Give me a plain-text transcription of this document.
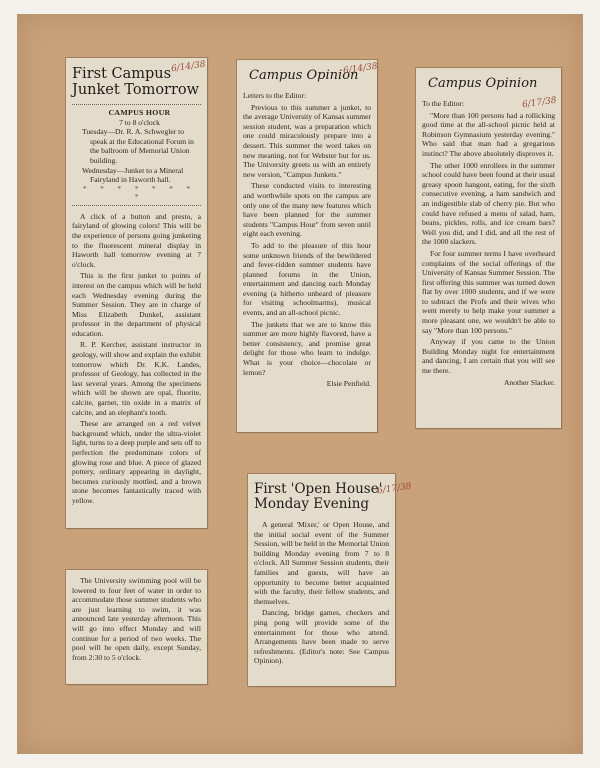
First Campus Junket Tomorrow
CAMPUS HOUR
7 to 8 o'clock
Tuesday—Dr. R. A. Schwegler to speak at the Educational Forum in the ballroom of Memorial Union building.
Wednesday—Junket to a Mineral Fairyland in Haworth hall.
* * * * * * * *

A click of a button and presto, a fairyland of glowing colors! This will be the experience of persons going junketing to the fluorescent mineral display in Haworth hall tomorrow evening at 7 o'clock.

This is the first junket to points of interest on the campus which will be held each Wednesday evening during the Summer Session. They are in charge of Miss Elizabeth Dunkel, assistant professor in the department of physical education.

R. P. Kercher, assistant instructor in geology, will show and explain the exhibit tomorrow which Dr. K.K. Landes, professor of Geology, has collected in the last several years. Among the specimens which will be shown are opal, fluorite, calcite, garnet, tin oxide in a matrix of calcite, and an elephant's tooth.

These are arranged on a red velvet background which, under the ultra-violet light, turns to a deep purple and sets off to perfection the predominate colors of glowing rose and blue. A piece of glazed pottery, ordinary appearing in daylight, becomes curiously mottled, and a brown stone becomes fantastically traced with yellow.

6/14/38

The University swimming pool will be lowered to four feet of water in order to accommodate those summer students who are just learning to swim, it was announced late yesterday afternoon. This will go into effect Monday and will continue for a period of two weeks. The pool will be open daily, except Sunday, from 2:30 to 5 o'clock.

Campus Opinion

Letters to the Editor:

Previous to this summer a junket, to the average University of Kansas summer session student, was a preparation which one could miraculously prepare into a dessert. This summer the word takes on new meaning, not for Webster but for us. The University greets us with an entirely new version, "Campus Junkets."

These conducted visits to interesting and worthwhile spots on the campus are only one of the many new features which have been planned for the summer students "Campus Hour" from seven until eight each evening.

To add to the pleasure of this hour some unknown friends of the bewildered and fever-ridden summer students have planned forums in the Union, entertainment and dancing each Monday evening (a hitherto unheard of pleasure for visiting schoolmarms), musical events, and an all-school picnic.

The junkets that we are to know this summer are more highly flavored, have a better consistency, and promise great delight for those who learn to indulge. What is your choice—chocolate or lemon?

Elsie Penfield.

6/14/38
Campus Opinion

To the Editor:

"More than 100 persons had a rollicking good time at the all-school picnic held at Robinson Gymnasium yesterday evening." Who said that man had a gregarious instinct? The above absolutely disproves it.

The other 1000 enrollees in the summer school could have been found at their usual greasy spoon hangout, eating, for the sixth consecutive evening, a ham sandwich and an indigestible slab of cherry pie. But who could have refused a menu of salad, ham, beans, pickles, rolls, and ice cream bars? Well you did, and I did, and all the rest of the 1000 slackers.

For four summer terms I have overheard complaints of the social offerings of the University of Kansas Summer Session. The first offering this summer was turned down flat by over 1000 students, and if we were to subtract the Profs and their wives who went merely to help make your summer a more pleasant one, we wouldn't be able to say "More than 100 persons."

Anyway if you came to the Union Building Monday night for entertainment and dancing, I am certain that you will see me there.

Another Slacker.

6/17/38
First 'Open House' Monday Evening

A general 'Mixer,' or Open House, and the initial social event of the Summer Session, will be held in the Memorial Union building Monday evening from 7 to 8 o'clock. All Summer Session students, their families and guests, will have an opportunity to become better acquainted with the faculty, their fellow students, and themselves.

Dancing, bridge games, checkers and ping pong will provide some of the entertainment for those who attend. Arrangements have been made to serve refreshments. (Editor's note: See Campus Opinion).

6/17/38
